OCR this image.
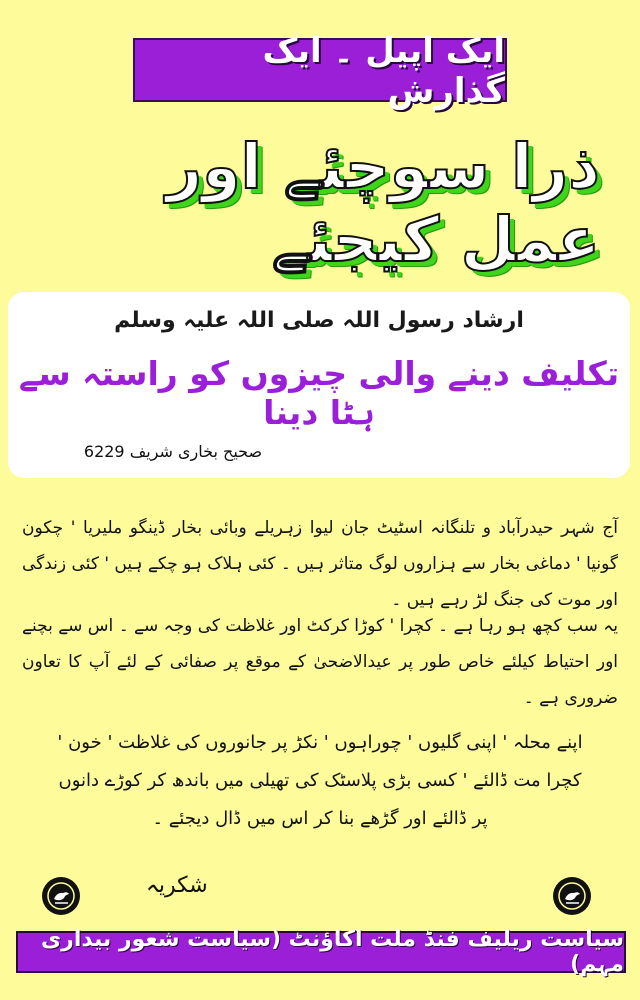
ایک اپیل ۔ ایک گذارش
ذرا سوچئے اور عمل کیجئے
ارشاد رسول اللہ صلی اللہ علیہ وسلم
تکلیف دینے والی چیزوں کو راستہ سے ہٹا دینا
صحیح بخاری شریف 6229
آج شہر حیدرآباد و تلنگانہ اسٹیٹ جان لیوا زہریلے وبائی بخار ڈینگو ملیریا ' چکون گونیا ' دماغی بخار سے ہزاروں لوگ متاثر ہیں ۔ کئی ہلاک ہو چکے ہیں ' کئی زندگی اور موت کی جنگ لڑ رہے ہیں ۔
یہ سب کچھ ہو رہا ہے ۔ کچرا ' کوڑا کرکٹ اور غلاظت کی وجہ سے ۔ اس سے بچنے اور احتیاط کیلئے خاص طور پر عیدالاضحیٰ کے موقع پر صفائی کے لئے آپ کا تعاون ضروری ہے ۔
اپنے محلہ ' اپنی گلیوں ' چوراہوں ' نکڑ پر جانوروں کی غلاظت ' خون ' کچرا مت ڈالئے ' کسی بڑی پلاسٹک کی تھیلی میں باندھ کر کوڑے دانوں پر ڈالئے اور گڑھے بنا کر اس میں ڈال دیجئے ۔
شکریہ
سیاست ریلیف فنڈ ملت اکاؤنٹ (سیاست شعور بیداری مہم)
